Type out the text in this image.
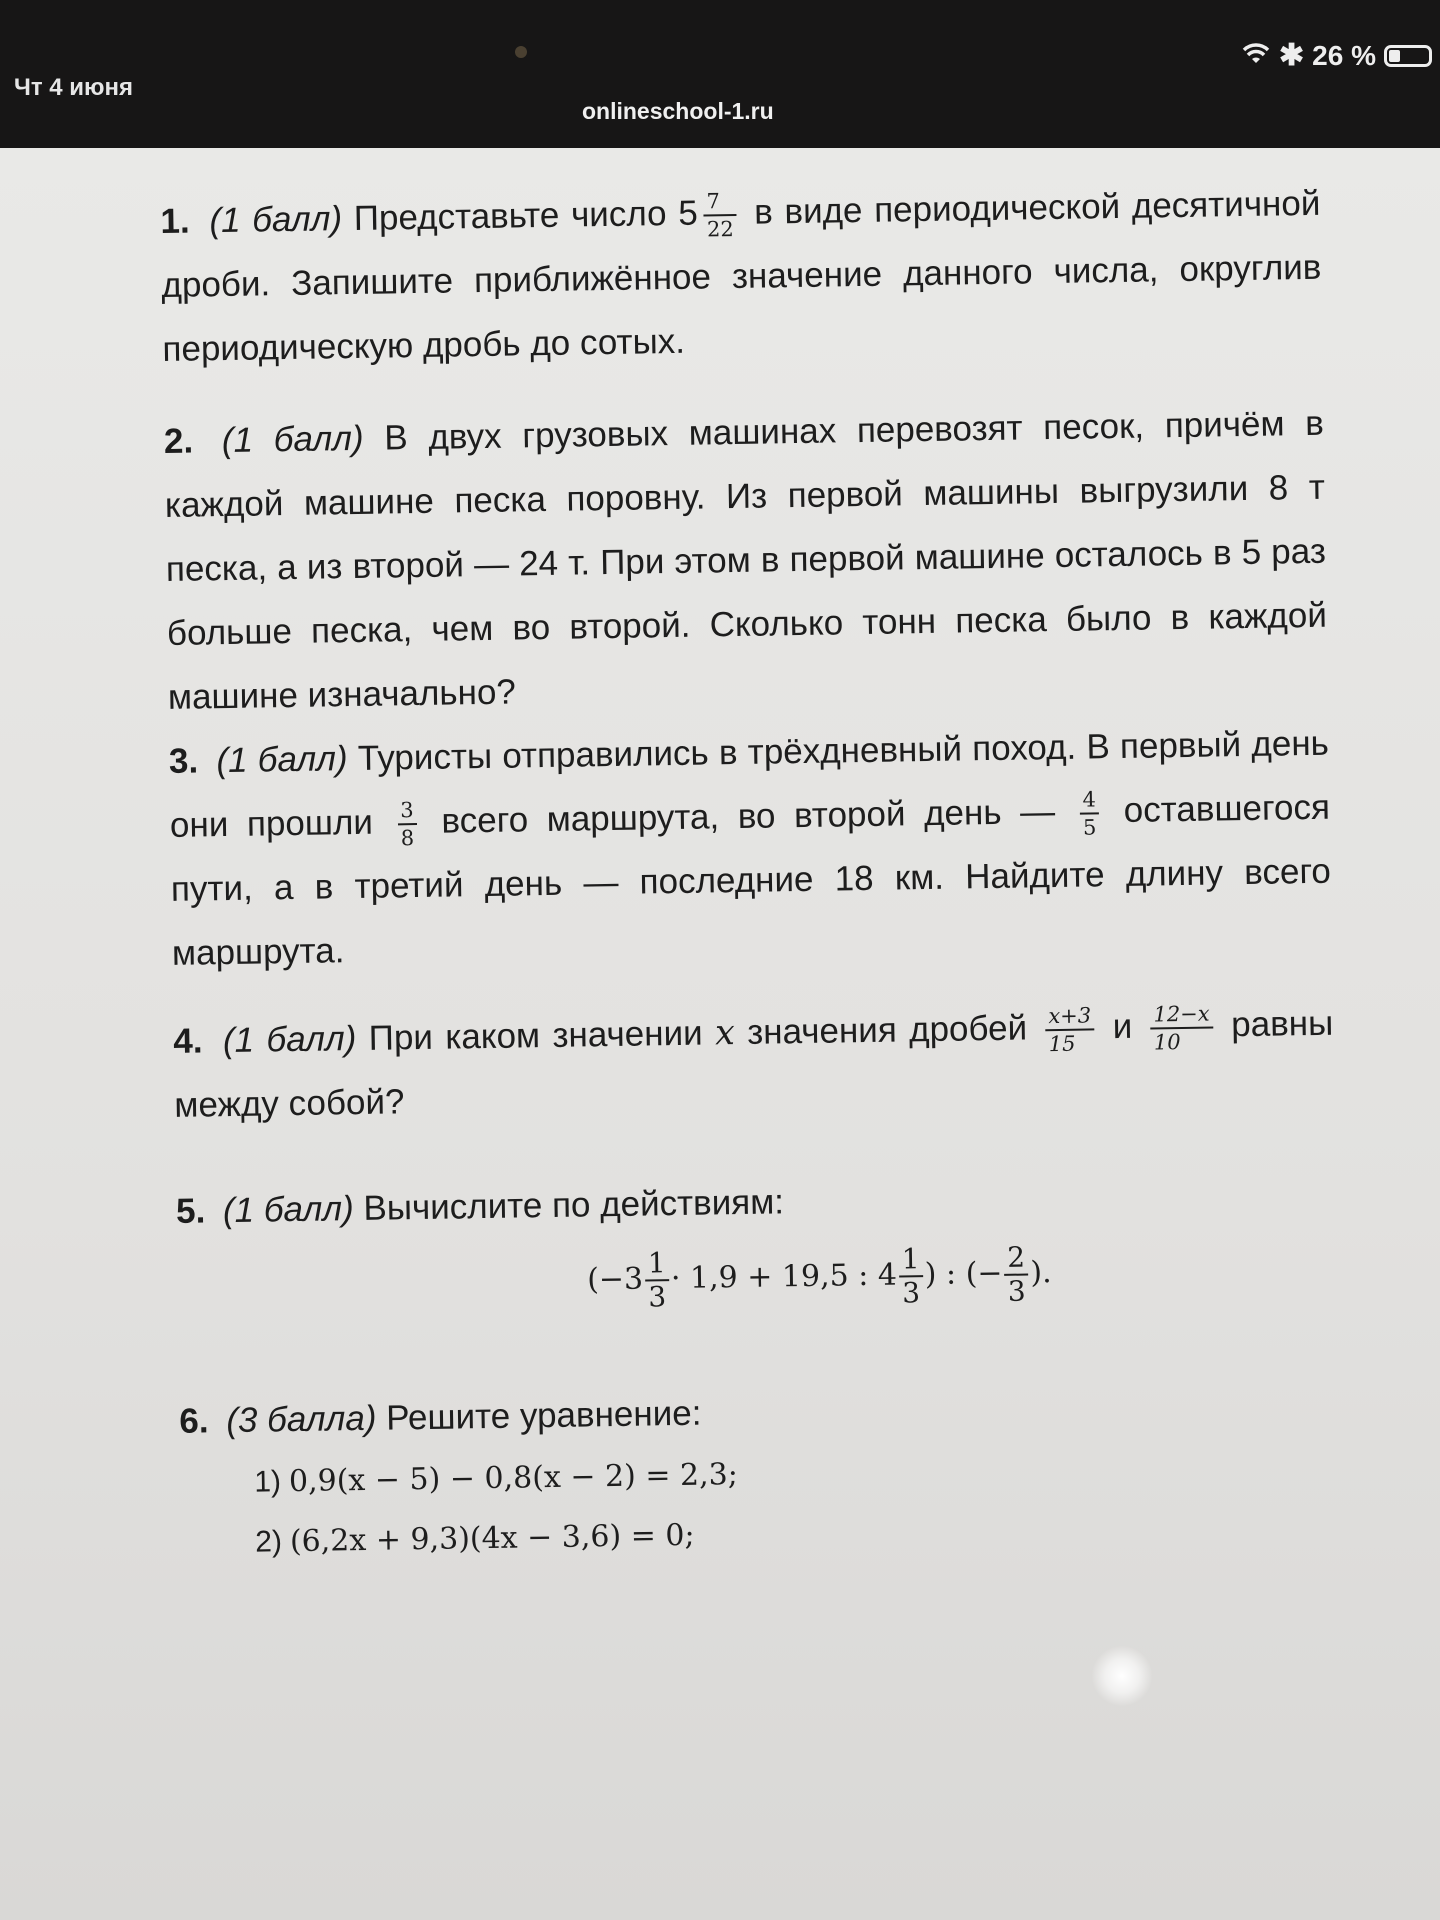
Чт 4 июня
onlineschool-1.ru
✱ 26 %

1. (1 балл) Представьте число $5 \frac{7}{22}$ в виде периодической десятичной дроби. Запишите приближённое значение данного числа, округлив периодическую дробь до сотых.

2. (1 балл) В двух грузовых машинах перевозят песок, причём в каждой машине песка поровну. Из первой машины выгрузили 8 т песка, а из второй — 24 т. При этом в первой машине осталось в 5 раз больше песка, чем во второй. Сколько тонн песка было в каждой машине изначально?

3. (1 балл) Туристы отправились в трёхдневный поход. В первый день они прошли $\frac{3}{8}$ всего маршрута, во второй день — $\frac{4}{5}$ оставшегося пути, а в третий день — последние 18 км. Найдите длину всего маршрута.

4. (1 балл) При каком значении x значения дробей $\frac{x+3}{15}$ и $\frac{12-x}{10}$ равны между собой?

5. (1 балл) Вычислите по действиям:

($-3 \frac{1}{3} \cdot 1,9 + 19,5$ : $4 \frac{1}{3}$ ) : (− $\frac{2}{3}$ ).

6. (3 балла) Решите уравнение:

1) 0,9(x − 5) − 0,8(x − 2) = 2,3;
2) (6,2x + 9,3)(4x − 3,6) = 0;
